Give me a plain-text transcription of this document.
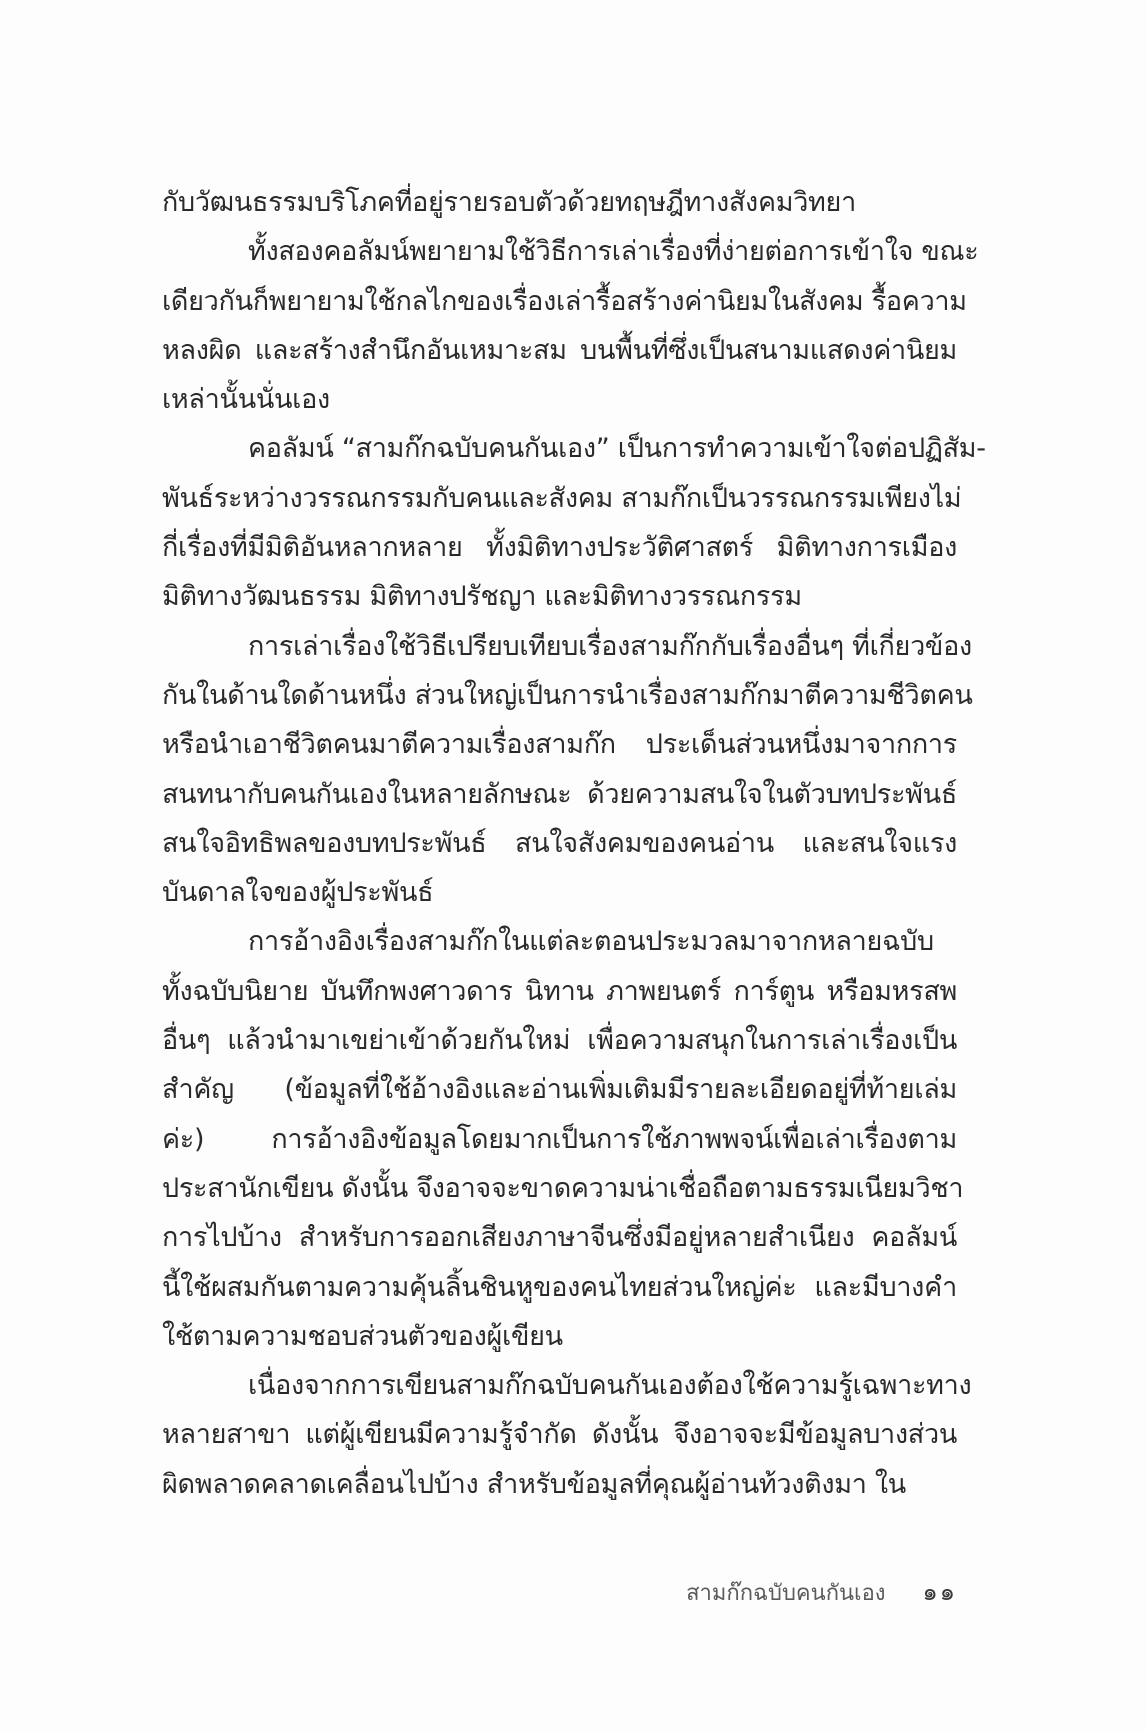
กับวัฒนธรรมบริโภคที่อยู่รายรอบตัวด้วยทฤษฎีทางสังคมวิทยา
ทั้งสองคอลัมน์พยายามใช้วิธีการเล่าเรื่องที่ง่ายต่อการเข้าใจ ขณะ
เดียวกันก็พยายามใช้กลไกของเรื่องเล่ารื้อสร้างค่านิยมในสังคม รื้อความ
หลงผิด และสร้างสำนึกอันเหมาะสม บนพื้นที่ซึ่งเป็นสนามแสดงค่านิยม
เหล่านั้นนั่นเอง
คอลัมน์ “สามก๊กฉบับคนกันเอง” เป็นการทำความเข้าใจต่อปฏิสัม-
พันธ์ระหว่างวรรณกรรมกับคนและสังคม สามก๊กเป็นวรรณกรรมเพียงไม่
กี่เรื่องที่มีมิติอันหลากหลาย ทั้งมิติทางประวัติศาสตร์ มิติทางการเมือง
มิติทางวัฒนธรรม มิติทางปรัชญา และมิติทางวรรณกรรม
การเล่าเรื่องใช้วิธีเปรียบเทียบเรื่องสามก๊กกับเรื่องอื่นๆ ที่เกี่ยวข้อง
กันในด้านใดด้านหนึ่ง ส่วนใหญ่เป็นการนำเรื่องสามก๊กมาตีความชีวิตคน
หรือนำเอาชีวิตคนมาตีความเรื่องสามก๊ก ประเด็นส่วนหนึ่งมาจากการ
สนทนากับคนกันเองในหลายลักษณะ ด้วยความสนใจในตัวบทประพันธ์
สนใจอิทธิพลของบทประพันธ์ สนใจสังคมของคนอ่าน และสนใจแรง
บันดาลใจของผู้ประพันธ์
การอ้างอิงเรื่องสามก๊กในแต่ละตอนประมวลมาจากหลายฉบับ
ทั้งฉบับนิยาย บันทึกพงศาวดาร นิทาน ภาพยนตร์ การ์ตูน หรือมหรสพ
อื่นๆ แล้วนำมาเขย่าเข้าด้วยกันใหม่ เพื่อความสนุกในการเล่าเรื่องเป็น
สำคัญ (ข้อมูลที่ใช้อ้างอิงและอ่านเพิ่มเติมมีรายละเอียดอยู่ที่ท้ายเล่ม
ค่ะ) การอ้างอิงข้อมูลโดยมากเป็นการใช้ภาพพจน์เพื่อเล่าเรื่องตาม
ประสานักเขียน ดังนั้น จึงอาจจะขาดความน่าเชื่อถือตามธรรมเนียมวิชา
การไปบ้าง สำหรับการออกเสียงภาษาจีนซึ่งมีอยู่หลายสำเนียง คอลัมน์
นี้ใช้ผสมกันตามความคุ้นลิ้นชินหูของคนไทยส่วนใหญ่ค่ะ และมีบางคำ
ใช้ตามความชอบส่วนตัวของผู้เขียน
เนื่องจากการเขียนสามก๊กฉบับคนกันเองต้องใช้ความรู้เฉพาะทาง
หลายสาขา แต่ผู้เขียนมีความรู้จำกัด ดังนั้น จึงอาจจะมีข้อมูลบางส่วน
ผิดพลาดคลาดเคลื่อนไปบ้าง สำหรับข้อมูลที่คุณผู้อ่านท้วงติงมา ใน
สามก๊กฉบับคนกันเอง ๑๑
